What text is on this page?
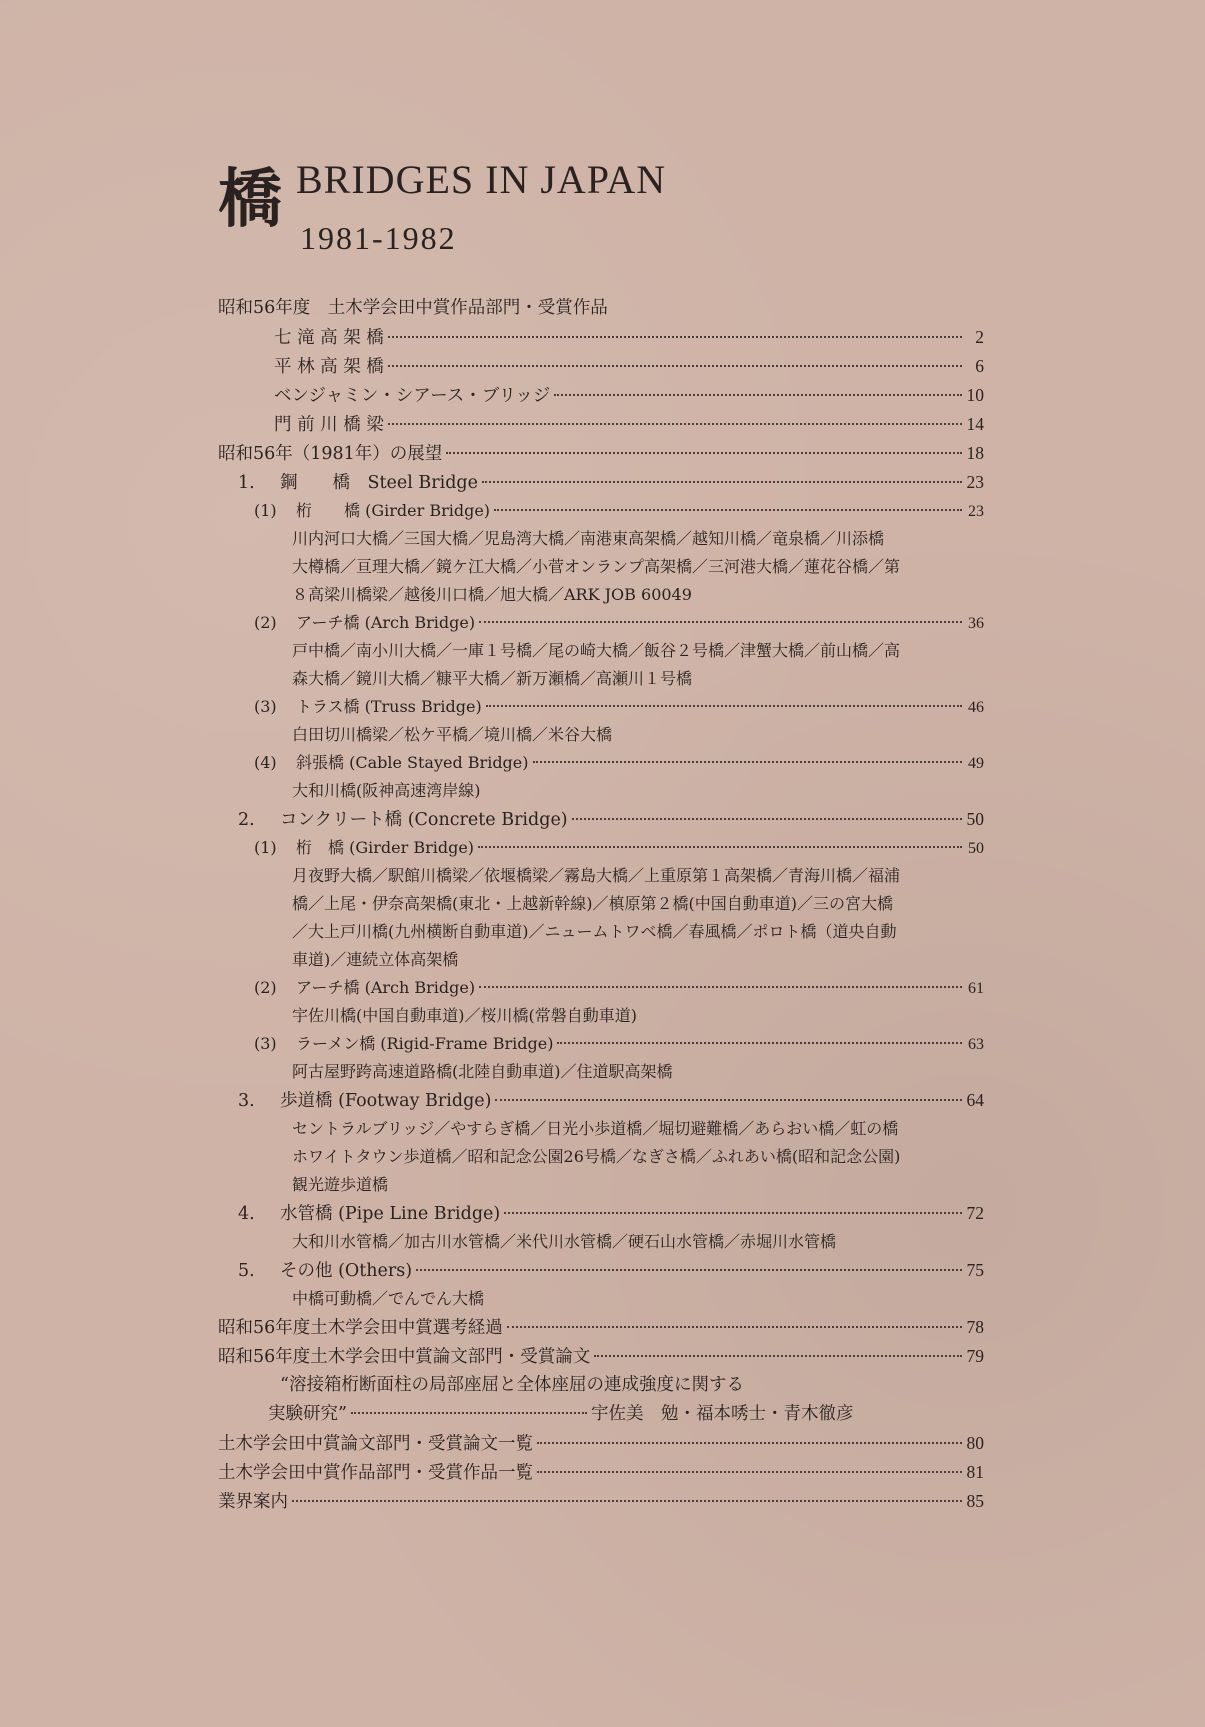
橋 BRIDGES IN JAPAN
1981-1982
昭和56年度　土木学会田中賞作品部門・受賞作品
七 滝 高 架 橋	2
平 林 高 架 橋	6
ベンジャミン・シアース・ブリッジ	10
門 前 川 橋 梁	14
昭和56年（1981年）の展望	18
1.	鋼　　橋　Steel Bridge	23
(1)	桁　　橋 (Girder Bridge)	23
川内河口大橋／三国大橋／児島湾大橋／南港東高架橋／越知川橋／竜泉橋／川添橋
大樽橋／亘理大橋／鏡ケ江大橋／小菅オンランプ高架橋／三河港大橋／蓮花谷橋／第
８高梁川橋梁／越後川口橋／旭大橋／ARK JOB 60049
(2)	アーチ橋 (Arch Bridge)	36
戸中橋／南小川大橋／一庫１号橋／尾の崎大橋／飯谷２号橋／津蟹大橋／前山橋／高
森大橋／鏡川大橋／糠平大橋／新万瀬橋／高瀬川１号橋
(3)	トラス橋 (Truss Bridge)	46
白田切川橋梁／松ケ平橋／境川橋／米谷大橋
(4)	斜張橋 (Cable Stayed Bridge)	49
大和川橋(阪神高速湾岸線)
2.	コンクリート橋 (Concrete Bridge)	50
(1)	桁　橋 (Girder Bridge)	50
月夜野大橋／駅館川橋梁／依堰橋梁／霧島大橋／上重原第１高架橋／青海川橋／福浦
橋／上尾・伊奈高架橋(東北・上越新幹線)／槙原第２橋(中国自動車道)／三の宮大橋
／大上戸川橋(九州横断自動車道)／ニュームトワベ橋／春風橋／ポロト橋（道央自動
車道)／連続立体高架橋
(2)	アーチ橋 (Arch Bridge)	61
宇佐川橋(中国自動車道)／桜川橋(常磐自動車道)
(3)	ラーメン橋 (Rigid-Frame Bridge)	63
阿古屋野跨高速道路橋(北陸自動車道)／住道駅高架橋
3.	歩道橋 (Footway Bridge)	64
セントラルブリッジ／やすらぎ橋／日光小歩道橋／堀切避難橋／あらおい橋／虹の橋
ホワイトタウン歩道橋／昭和記念公園26号橋／なぎさ橋／ふれあい橋(昭和記念公園)
観光遊歩道橋
4.	水管橋 (Pipe Line Bridge)	72
大和川水管橋／加古川水管橋／米代川水管橋／硬石山水管橋／赤堀川水管橋
5.	その他 (Others)	75
中橋可動橋／でんでん大橋
昭和56年度土木学会田中賞選考経過	78
昭和56年度土木学会田中賞論文部門・受賞論文	79
“溶接箱桁断面柱の局部座屈と全体座屈の連成強度に関する
実験研究”	宇佐美　勉・福本唀士・青木徹彦
土木学会田中賞論文部門・受賞論文一覧	80
土木学会田中賞作品部門・受賞作品一覧	81
業界案内	85
